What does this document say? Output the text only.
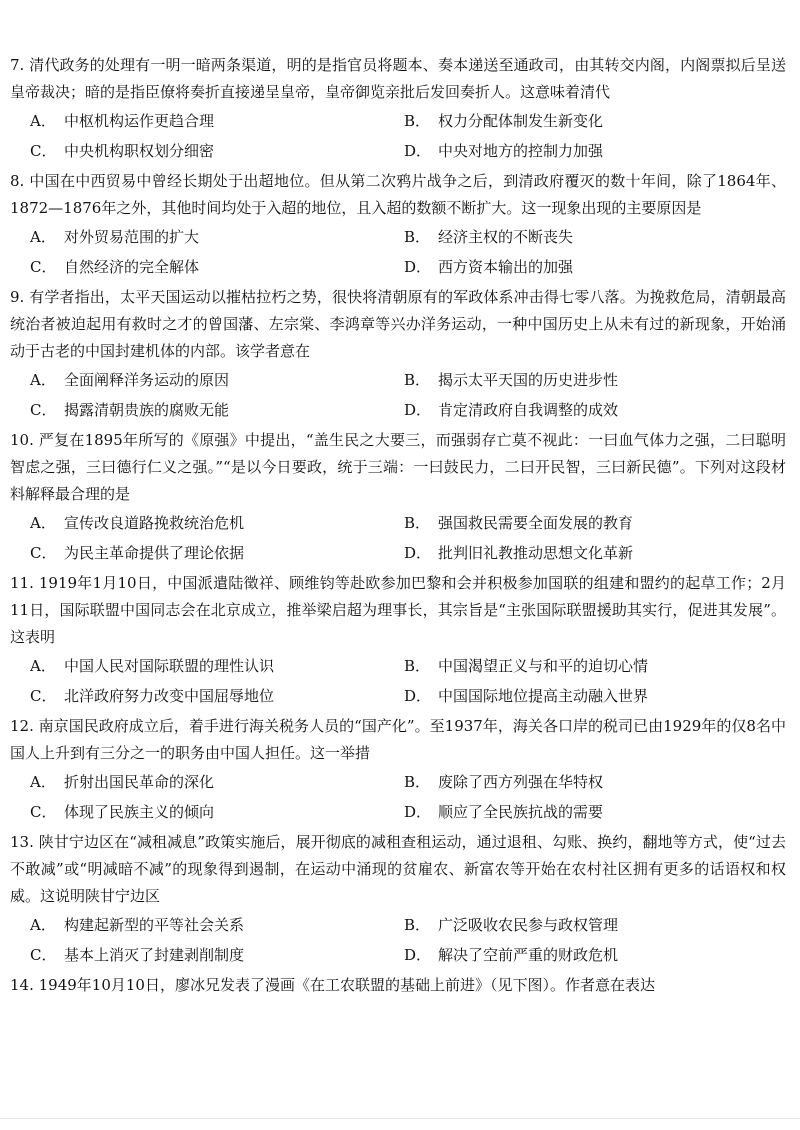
7. 清代政务的处理有一明一暗两条渠道，明的是指官员将题本、奏本递送至通政司，由其转交内阁，内阁票拟后呈送皇帝裁决；暗的是指臣僚将奏折直接递呈皇帝，皇帝御览亲批后发回奏折人。这意味着清代

A． 中枢机构运作更趋合理	B． 权力分配体制发生新变化
C． 中央机构职权划分细密	D． 中央对地方的控制力加强

8. 中国在中西贸易中曾经长期处于出超地位。但从第二次鸦片战争之后，到清政府覆灭的数十年间，除了1864年、1872—1876年之外，其他时间均处于入超的地位，且入超的数额不断扩大。这一现象出现的主要原因是

A． 对外贸易范围的扩大	B． 经济主权的不断丧失
C． 自然经济的完全解体	D． 西方资本输出的加强

9. 有学者指出，太平天国运动以摧枯拉朽之势，很快将清朝原有的军政体系冲击得七零八落。为挽救危局，清朝最高统治者被迫起用有救时之才的曾国藩、左宗棠、李鸿章等兴办洋务运动，一种中国历史上从未有过的新现象，开始涌动于古老的中国封建机体的内部。该学者意在

A． 全面阐释洋务运动的原因	B． 揭示太平天国的历史进步性
C． 揭露清朝贵族的腐败无能	D． 肯定清政府自我调整的成效

10. 严复在1895年所写的《原强》中提出，“盖生民之大要三，而强弱存亡莫不视此：一曰血气体力之强，二曰聪明智虑之强，三曰德行仁义之强。”“是以今日要政，统于三端：一曰鼓民力，二曰开民智，三曰新民德”。下列对这段材料解释最合理的是

A． 宣传改良道路挽救统治危机	B． 强国救民需要全面发展的教育
C． 为民主革命提供了理论依据	D． 批判旧礼教推动思想文化革新

11. 1919年1月10日，中国派遣陆徵祥、顾维钧等赴欧参加巴黎和会并积极参加国联的组建和盟约的起草工作；2月11日，国际联盟中国同志会在北京成立，推举梁启超为理事长，其宗旨是“主张国际联盟援助其实行，促进其发展”。这表明

A． 中国人民对国际联盟的理性认识	B． 中国渴望正义与和平的迫切心情
C． 北洋政府努力改变中国屈辱地位	D． 中国国际地位提高主动融入世界

12. 南京国民政府成立后，着手进行海关税务人员的“国产化”。至1937年，海关各口岸的税司已由1929年的仅8名中国人上升到有三分之一的职务由中国人担任。这一举措

A． 折射出国民革命的深化	B． 废除了西方列强在华特权
C． 体现了民族主义的倾向	D． 顺应了全民族抗战的需要

13. 陕甘宁边区在“减租减息”政策实施后，展开彻底的减租查租运动，通过退租、勾账、换约，翻地等方式，使“过去不敢减”或“明减暗不减”的现象得到遏制，在运动中涌现的贫雇农、新富农等开始在农村社区拥有更多的话语权和权威。这说明陕甘宁边区

A． 构建起新型的平等社会关系	B． 广泛吸收农民参与政权管理
C． 基本上消灭了封建剥削制度	D． 解决了空前严重的财政危机

14. 1949年10月10日，廖冰兄发表了漫画《在工农联盟的基础上前进》（见下图）。作者意在表达
